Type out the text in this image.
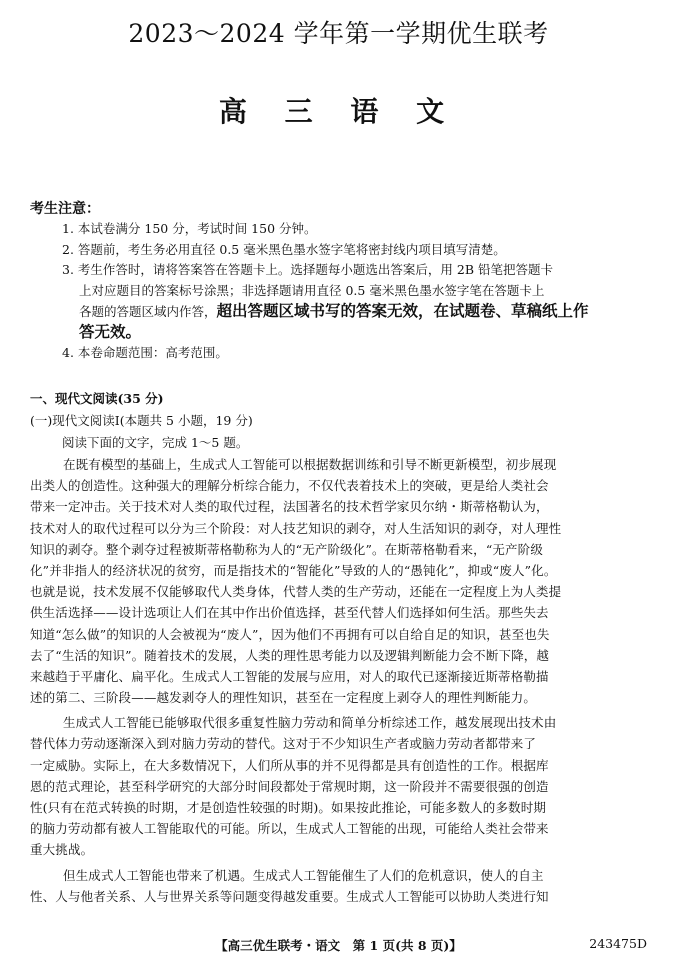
2023～2024 学年第一学期优生联考
高 三 语 文
考生注意：
1. 本试卷满分 150 分，考试时间 150 分钟。
2. 答题前，考生务必用直径 0.5 毫米黑色墨水签字笔将密封线内项目填写清楚。
3. 考生作答时，请将答案答在答题卡上。选择题每小题选出答案后，用 2B 铅笔把答题卡
上对应题目的答案标号涂黑；非选择题请用直径 0.5 毫米黑色墨水签字笔在答题卡上
各题的答题区域内作答，超出答题区域书写的答案无效，在试题卷、草稿纸上作
答无效。
4. 本卷命题范围：高考范围。
一、现代文阅读(35 分)
(一)现代文阅读Ⅰ(本题共 5 小题，19 分)
阅读下面的文字，完成 1～5 题。
在既有模型的基础上，生成式人工智能可以根据数据训练和引导不断更新模型，初步展现
出类人的创造性。这种强大的理解分析综合能力，不仅代表着技术上的突破，更是给人类社会
带来一定冲击。关于技术对人类的取代过程，法国著名的技术哲学家贝尔纳・斯蒂格勒认为，
技术对人的取代过程可以分为三个阶段：对人技艺知识的剥夺，对人生活知识的剥夺，对人理性
知识的剥夺。整个剥夺过程被斯蒂格勒称为人的“无产阶级化”。在斯蒂格勒看来，“无产阶级
化”并非指人的经济状况的贫穷，而是指技术的“智能化”导致的人的“愚钝化”，抑或“废人”化。
也就是说，技术发展不仅能够取代人类身体，代替人类的生产劳动，还能在一定程度上为人类提
供生活选择——设计选项让人们在其中作出价值选择，甚至代替人们选择如何生活。那些失去
知道“怎么做”的知识的人会被视为“废人”，因为他们不再拥有可以自给自足的知识，甚至也失
去了“生活的知识”。随着技术的发展，人类的理性思考能力以及逻辑判断能力会不断下降，越
来越趋于平庸化、扁平化。生成式人工智能的发展与应用，对人的取代已逐渐接近斯蒂格勒描
述的第二、三阶段——越发剥夺人的理性知识，甚至在一定程度上剥夺人的理性判断能力。
生成式人工智能已能够取代很多重复性脑力劳动和简单分析综述工作，越发展现出技术由
替代体力劳动逐渐深入到对脑力劳动的替代。这对于不少知识生产者或脑力劳动者都带来了
一定威胁。实际上，在大多数情况下，人们所从事的并不见得都是具有创造性的工作。根据库
恩的范式理论，甚至科学研究的大部分时间段都处于常规时期，这一阶段并不需要很强的创造
性(只有在范式转换的时期，才是创造性较强的时期)。如果按此推论，可能多数人的多数时期
的脑力劳动都有被人工智能取代的可能。所以，生成式人工智能的出现，可能给人类社会带来
重大挑战。
但生成式人工智能也带来了机遇。生成式人工智能催生了人们的危机意识，使人的自主
性、人与他者关系、人与世界关系等问题变得越发重要。生成式人工智能可以协助人类进行知
【高三优生联考・语文　第 1 页(共 8 页)】	243475D
